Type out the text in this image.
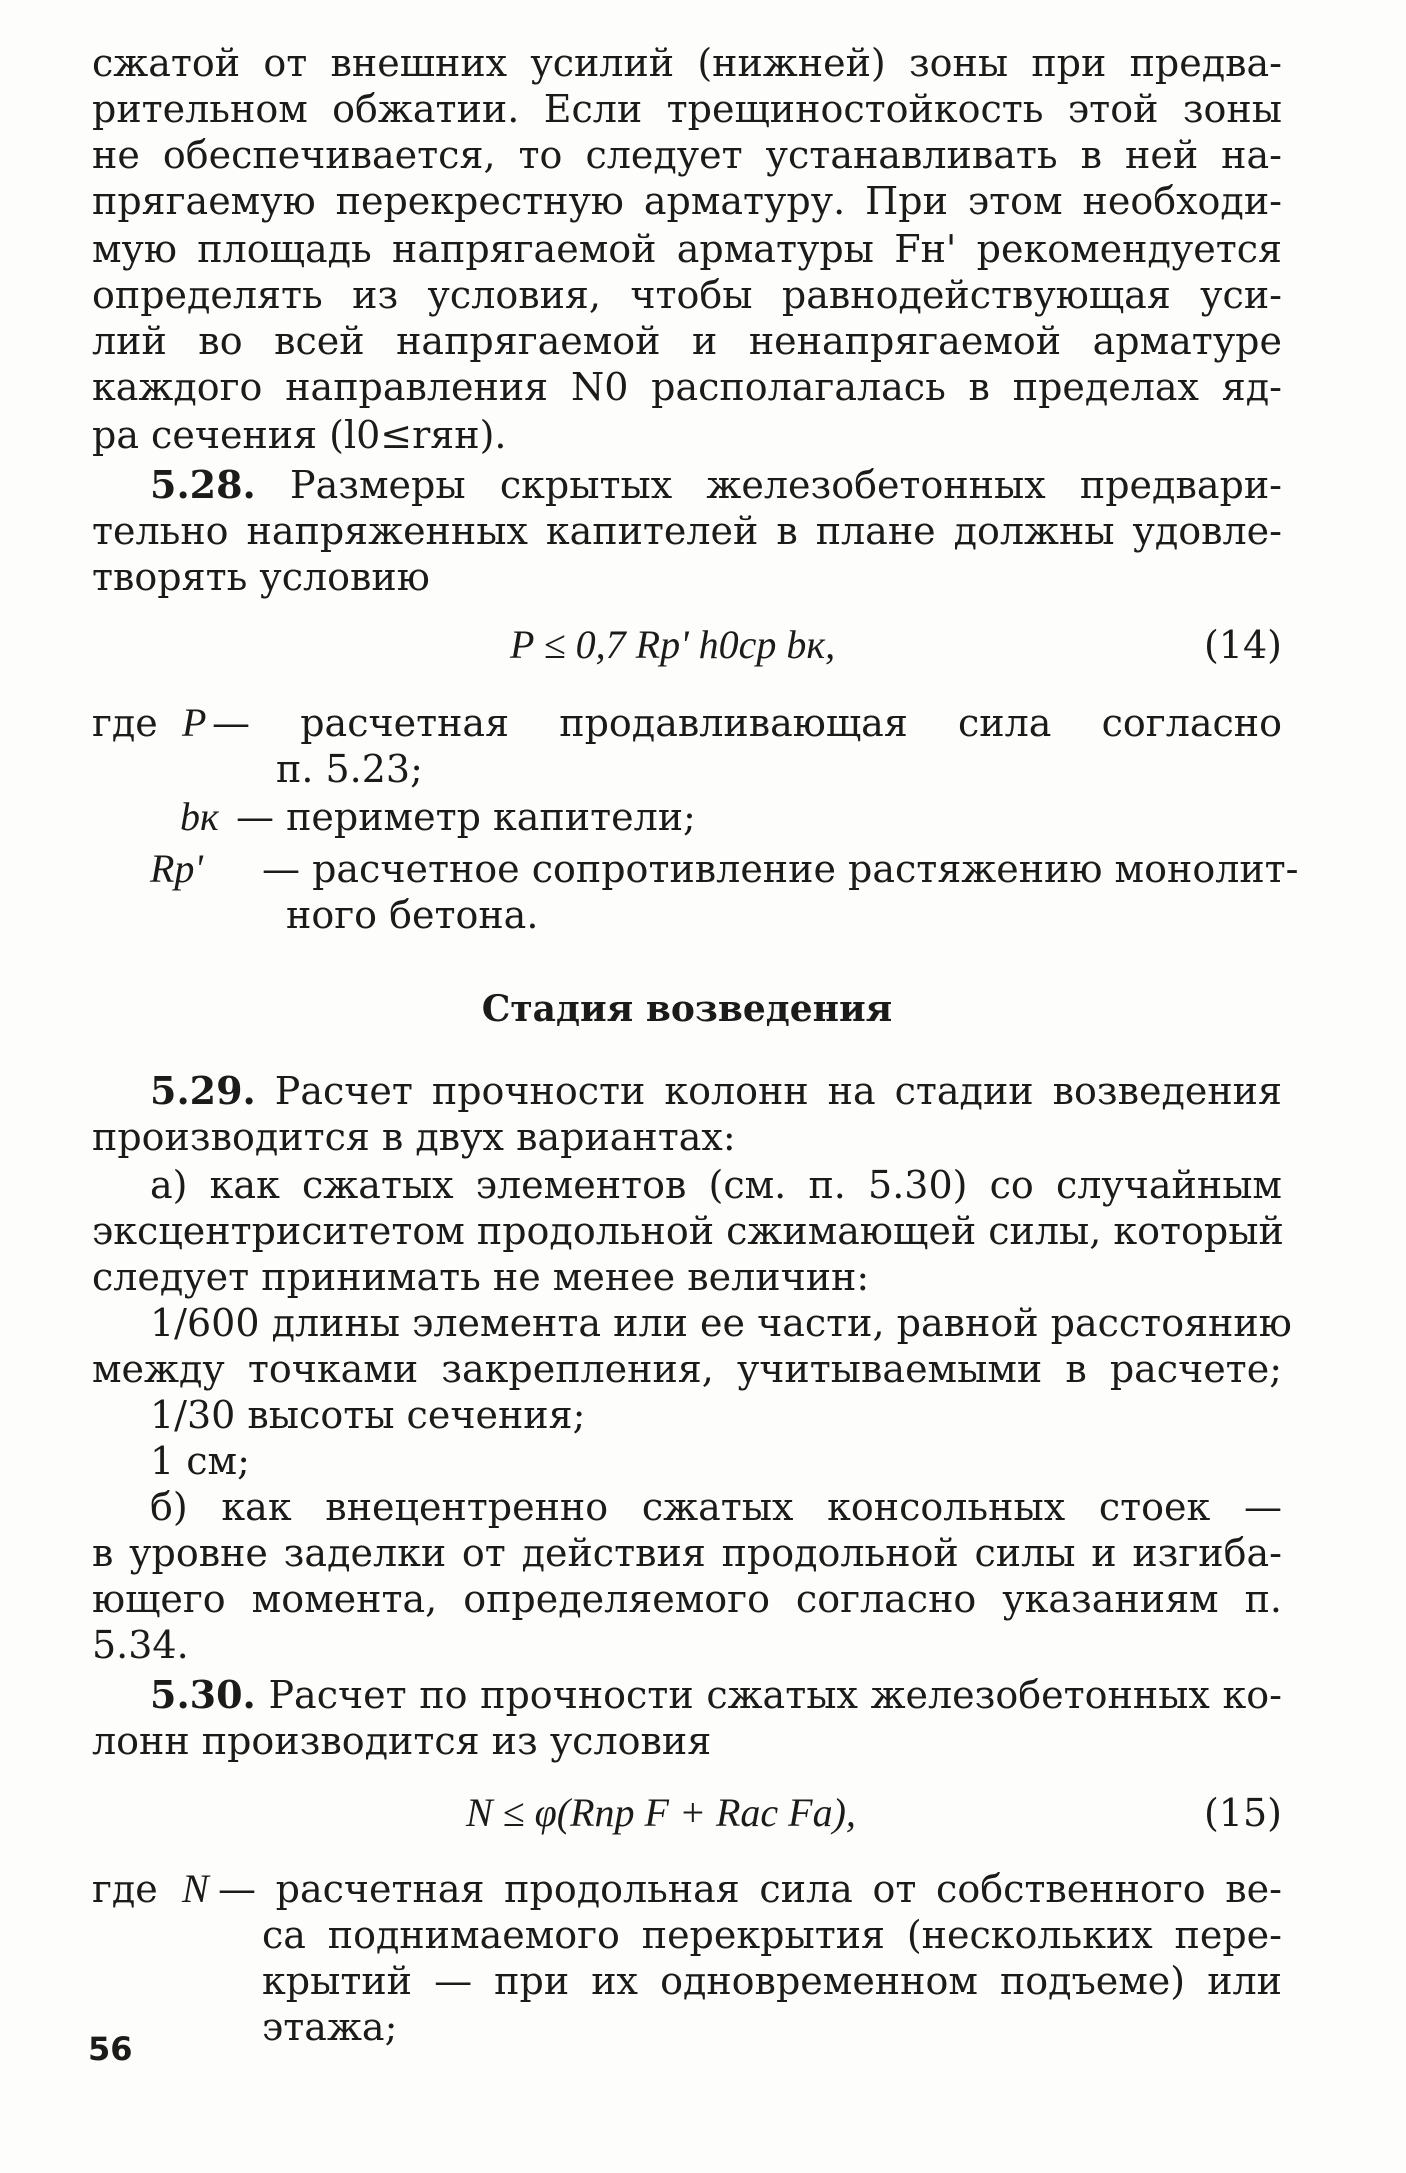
сжатой от внешних усилий (нижней) зоны при предва-
рительном обжатии. Если трещиностойкость этой зоны
не обеспечивается, то следует устанавливать в ней на-
прягаемую перекрестную арматуру. При этом необходи-
мую площадь напрягаемой арматуры Fн' рекомендуется
определять из условия, чтобы равнодействующая уси-
лий во всей напрягаемой и ненапрягаемой арматуре
каждого направления N0 располагалась в пределах яд-
ра сечения (l0≤rян).
5.28. Размеры скрытых железобетонных предвари-
тельно напряженных капителей в плане должны удовле-
творять условию
P ≤ 0,7 Rр' h0ср bк,	(14)
где P — расчетная продавливающая сила согласно
п. 5.23;
bк — периметр капители;
Rр' — расчетное сопротивление растяжению монолит-
ного бетона.
Стадия возведения
5.29. Расчет прочности колонн на стадии возведения
производится в двух вариантах:
а) как сжатых элементов (см. п. 5.30) со случайным
эксцентриситетом продольной сжимающей силы, который
следует принимать не менее величин:
1/600 длины элемента или ее части, равной расстоянию
между точками закрепления, учитываемыми в расчете;
1/30 высоты сечения;
1 см;
б) как внецентренно сжатых консольных стоек —
в уровне заделки от действия продольной силы и изгиба-
ющего момента, определяемого согласно указаниям п.
5.34.
5.30. Расчет по прочности сжатых железобетонных ко-
лонн производится из условия
N ≤ φ(Rпр F + Rас Fа),	(15)
где N — расчетная продольная сила от собственного ве-
са поднимаемого перекрытия (нескольких пере-
крытий — при их одновременном подъеме) или
этажа;
56
